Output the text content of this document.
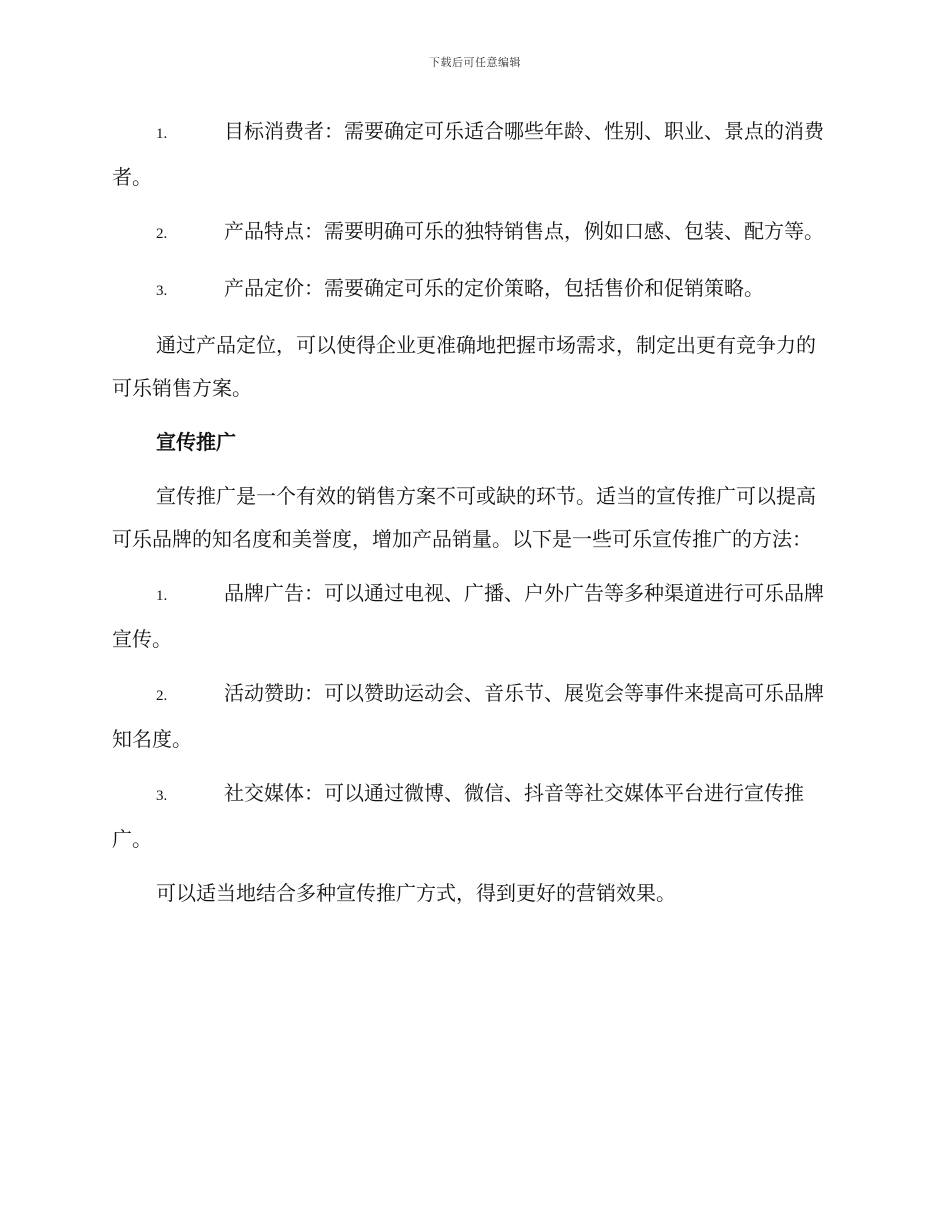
下载后可任意编辑

1.	目标消费者：需要确定可乐适合哪些年龄、性别、职业、景点的消费者。

2.	产品特点：需要明确可乐的独特销售点，例如口感、包装、配方等。

3.	产品定价：需要确定可乐的定价策略，包括售价和促销策略。

通过产品定位，可以使得企业更准确地把握市场需求，制定出更有竞争力的可乐销售方案。

宣传推广

宣传推广是一个有效的销售方案不可或缺的环节。适当的宣传推广可以提高可乐品牌的知名度和美誉度，增加产品销量。以下是一些可乐宣传推广的方法：

1.	品牌广告：可以通过电视、广播、户外广告等多种渠道进行可乐品牌宣传。

2.	活动赞助：可以赞助运动会、音乐节、展览会等事件来提高可乐品牌知名度。

3.	社交媒体：可以通过微博、微信、抖音等社交媒体平台进行宣传推广。

可以适当地结合多种宣传推广方式，得到更好的营销效果。
